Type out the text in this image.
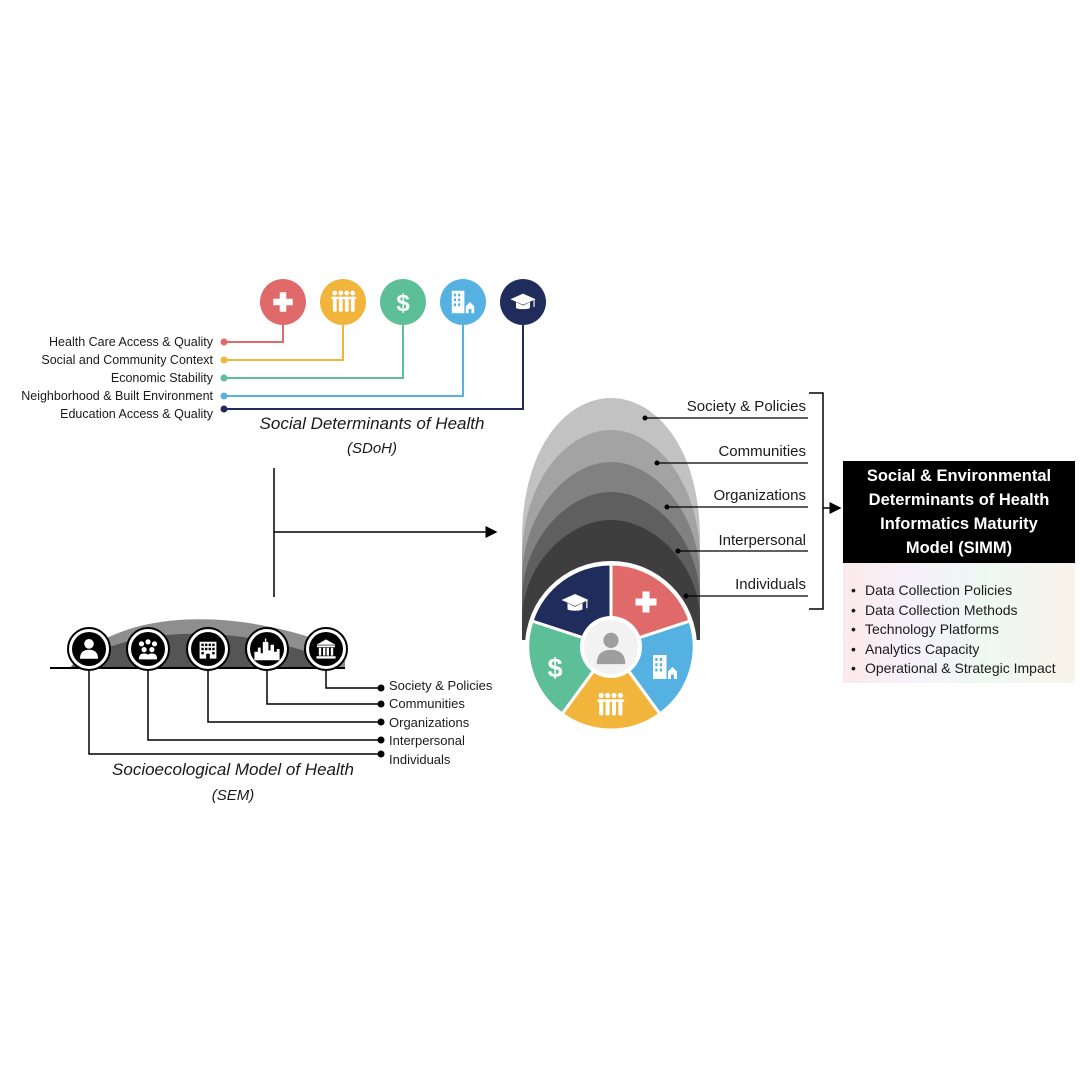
Health Care Access & Quality
Social and Community Context
Economic Stability
Neighborhood & Built Environment
Education Access & Quality	Social Determinants of Health
(SDoH)
Society & Policies
Communities
Organizations
Interpersonal
Individuals
Socioecological Model of Health
(SEM)
Society & Policies
Communities
Organizations
Interpersonal
Individuals
Social & Environmental
Determinants of Health
Informatics Maturity
Model (SIMM)
• Data Collection Policies
• Data Collection Methods
• Technology Platforms
• Analytics Capacity
• Operational & Strategic Impact
